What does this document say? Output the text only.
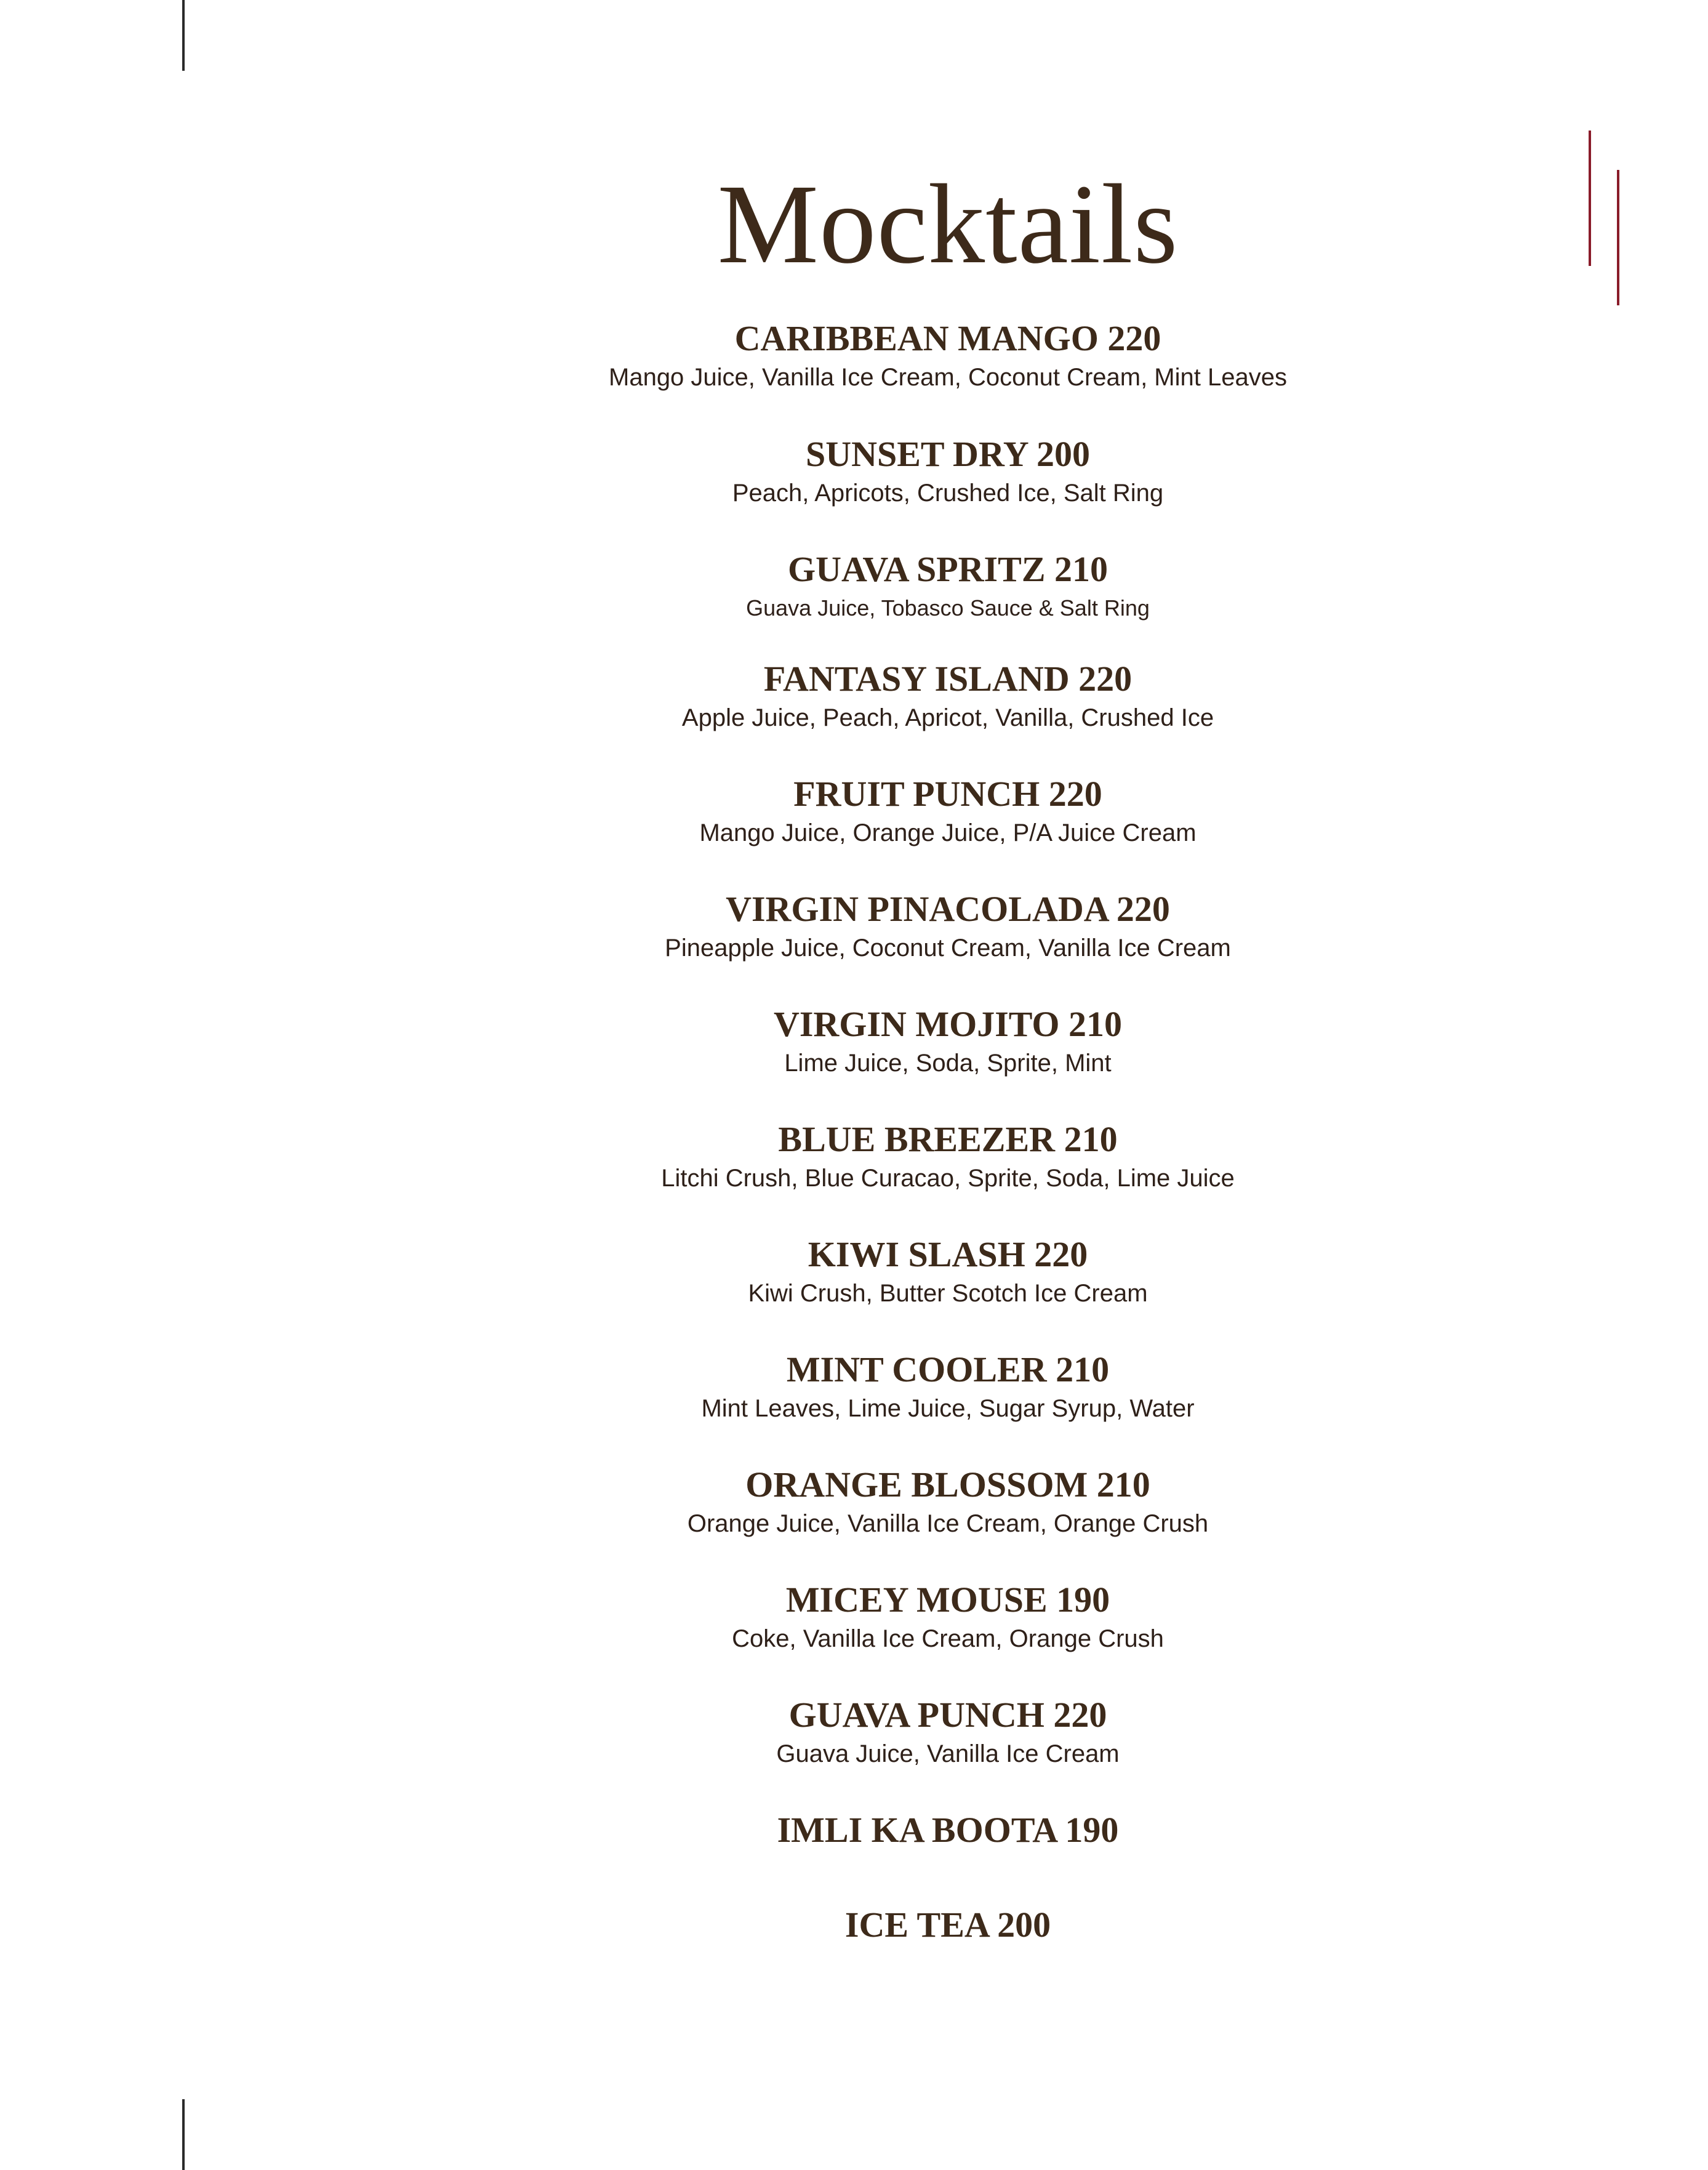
Mocktails
CARIBBEAN MANGO 220
Mango Juice, Vanilla Ice Cream, Coconut Cream, Mint Leaves
SUNSET DRY 200
Peach, Apricots, Crushed Ice, Salt Ring
GUAVA SPRITZ 210
Guava Juice, Tobasco Sauce & Salt Ring
FANTASY ISLAND 220
Apple Juice, Peach, Apricot, Vanilla, Crushed Ice
FRUIT PUNCH 220
Mango Juice, Orange Juice, P/A Juice Cream
VIRGIN PINACOLADA 220
Pineapple Juice, Coconut Cream, Vanilla Ice Cream
VIRGIN MOJITO 210
Lime Juice, Soda, Sprite, Mint
BLUE BREEZER 210
Litchi Crush, Blue Curacao, Sprite, Soda, Lime Juice
KIWI SLASH 220
Kiwi Crush, Butter Scotch Ice Cream
MINT COOLER 210
Mint Leaves, Lime Juice, Sugar Syrup, Water
ORANGE BLOSSOM 210
Orange Juice, Vanilla Ice Cream, Orange Crush
MICEY MOUSE 190
Coke, Vanilla Ice Cream, Orange Crush
GUAVA PUNCH 220
Guava Juice, Vanilla Ice Cream
IMLI KA BOOTA 190
ICE TEA 200
